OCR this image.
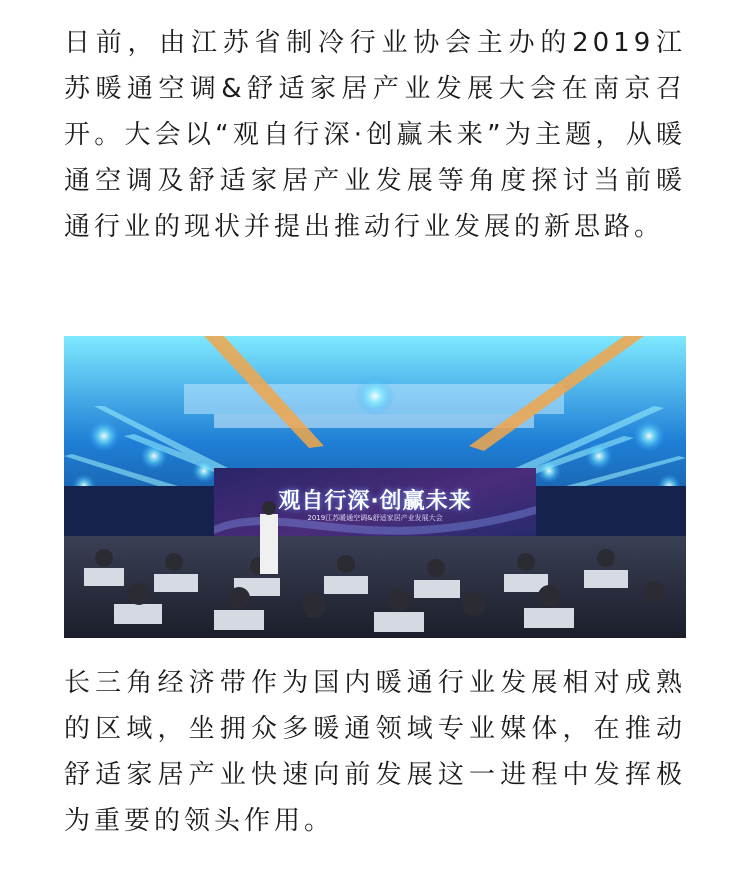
日前，由江苏省制冷行业协会主办的2019江苏暖通空调&舒适家居产业发展大会在南京召开。大会以“观自行深·创赢未来”为主题，从暖通空调及舒适家居产业发展等角度探讨当前暖通行业的现状并提出推动行业发展的新思路。

观自行深·创赢未来
2019江苏暖通空调&舒适家居产业发展大会

长三角经济带作为国内暖通行业发展相对成熟的区域，坐拥众多暖通领域专业媒体，在推动舒适家居产业快速向前发展这一进程中发挥极为重要的领头作用。
